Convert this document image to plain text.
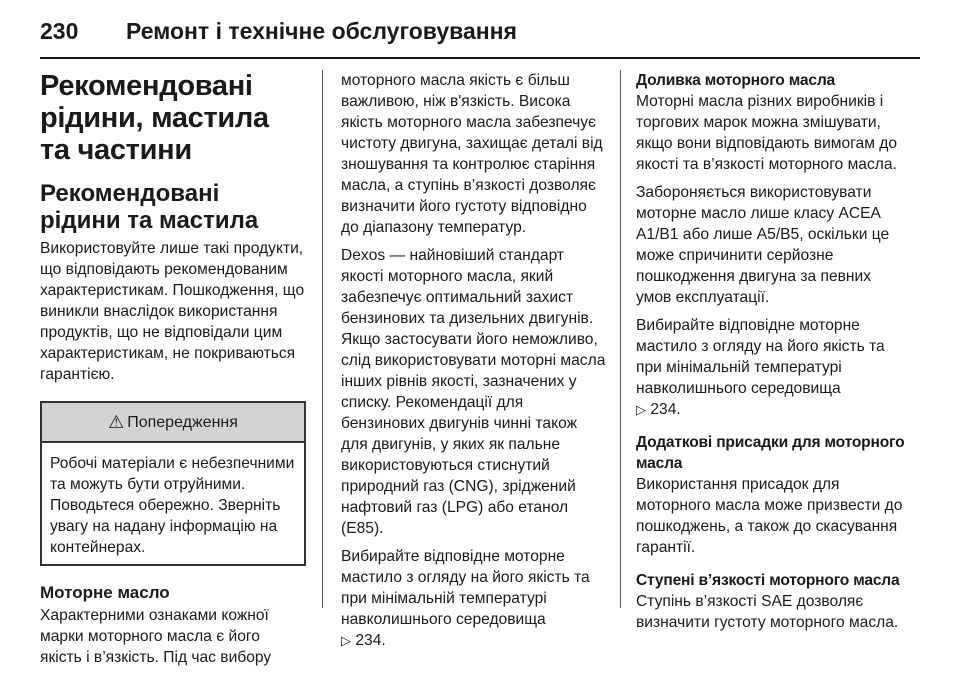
230	Ремонт і технічне обслуговування
Рекомендовані рідини, мастила та частини
Рекомендовані рідини та мастила

Використовуйте лише такі продукти, що відповідають рекомендованим характеристикам. Пошкодження, що виникли внаслідок використання продуктів, що не відповідали цим характеристикам, не покриваються гарантією.

⚠ Попередження
Робочі матеріали є небезпечними та можуть бути отруйними. Поводьтеся обережно. Зверніть увагу на надану інформацію на контейнерах.
Моторне масло

Характерними ознаками кожної марки моторного масла є його якість і в’язкість. Під час вибору

моторного масла якість є більш важливою, ніж в'язкість. Висока якість моторного масла забезпечує чистоту двигуна, захищає деталі від зношування та контролює старіння масла, а ступінь в’язкості дозволяє визначити його густоту відповідно до діапазону температур.

Dexos — найновіший стандарт якості моторного масла, який забезпечує оптимальний захист бензинових та дизельних двигунів. Якщо застосувати його неможливо, слід використовувати моторні масла інших рівнів якості, зазначених у списку. Рекомендації для бензинових двигунів чинні також для двигунів, у яких як пальне використовуються стиснутий природний газ (CNG), зріджений нафтовий газ (LPG) або етанол (E85).

Вибирайте відповідне моторне мастило з огляду на його якість та при мінімальній температурі навколишнього середовища
▷ 234.

Доливка моторного масла

Моторні масла різних виробників і торгових марок можна змішувати, якщо вони відповідають вимогам до якості та в’язкості моторного масла.

Забороняється використовувати моторне масло лише класу ACEA A1/B1 або лише A5/B5, оскільки це може спричинити серйозне пошкодження двигуна за певних умов експлуатації.

Вибирайте відповідне моторне мастило з огляду на його якість та при мінімальній температурі навколишнього середовища
▷ 234.

Додаткові присадки для моторного масла

Використання присадок для моторного масла може призвести до пошкоджень, а також до скасування гарантії.

Ступені в’язкості моторного масла

Ступінь в’язкості SAE дозволяє визначити густоту моторного масла.
